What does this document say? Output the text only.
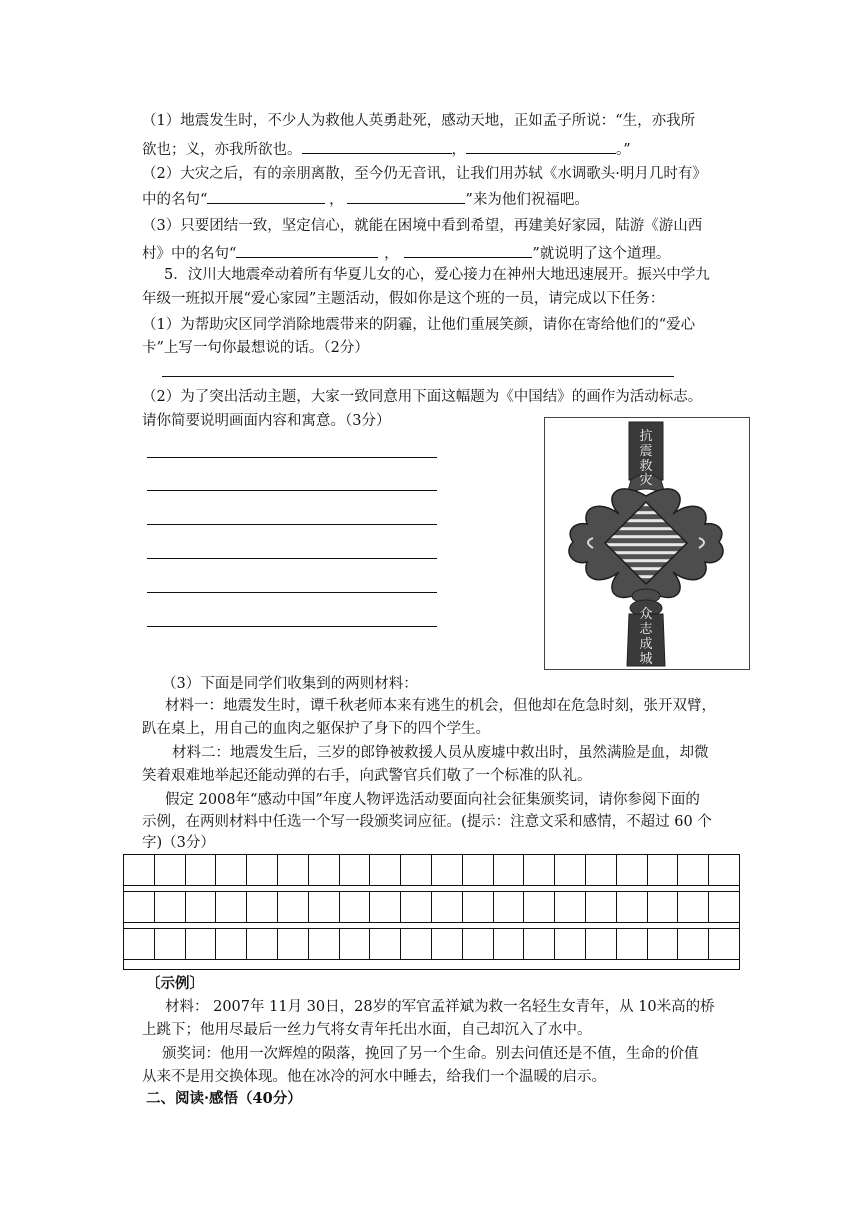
（1）地震发生时，不少人为救他人英勇赴死，感动天地，正如孟子所说：“生，亦我所
欲也；义，亦我所欲也。	，	。”
（2）大灾之后，有的亲朋离散，至今仍无音讯，让我们用苏轼《水调歌头·明月几时有》
中的名句“	，	”来为他们祝福吧。
（3）只要团结一致，坚定信心，就能在困境中看到希望，再建美好家园，陆游《游山西
村》中的名句“	，	”就说明了这个道理。
5．汶川大地震牵动着所有华夏儿女的心，爱心接力在神州大地迅速展开。振兴中学九
年级一班拟开展“爱心家园”主题活动，假如你是这个班的一员，请完成以下任务：
（1）为帮助灾区同学消除地震带来的阴霾，让他们重展笑颜，请你在寄给他们的“爱心
卡”上写一句你最想说的话。（2分）
（2）为了突出活动主题，大家一致同意用下面这幅题为《中国结》的画作为活动标志。
请你简要说明画面内容和寓意。（3分）
抗
震
救
灾
众
志
成
城
（3）下面是同学们收集到的两则材料：
材料一：地震发生时，谭千秋老师本来有逃生的机会，但他却在危急时刻，张开双臂，
趴在桌上，用自己的血肉之躯保护了身下的四个学生。
材料二：地震发生后，三岁的郎铮被救援人员从废墟中救出时，虽然满脸是血，却微
笑着艰难地举起还能动弹的右手，向武警官兵们敬了一个标准的队礼。
假定 2008年“感动中国”年度人物评选活动要面向社会征集颁奖词，请你参阅下面的
示例，在两则材料中任选一个写一段颁奖词应征。(提示：注意文采和感情，不超过 60 个
字)（3分）

〔示例〕
材料： 2007年 11月 30日，28岁的军官孟祥斌为救一名轻生女青年，从 10米高的桥
上跳下；他用尽最后一丝力气将女青年托出水面，自己却沉入了水中。
颁奖词：他用一次辉煌的陨落，挽回了另一个生命。别去问值还是不值，生命的价值
从来不是用交换体现。他在冰冷的河水中睡去，给我们一个温暖的启示。
二、阅读·感悟（40分）
